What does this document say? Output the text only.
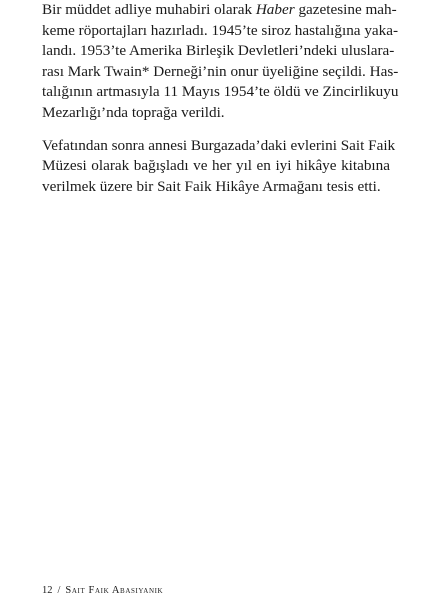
Bir müddet adliye muhabiri olarak Haber gazetesine mah-
keme röportajları hazırladı. 1945’te siroz hastalığına yaka-
landı. 1953’te Amerika Birleşik Devletleri’ndeki uluslara-
rası Mark Twain* Derneği’nin onur üyeliğine seçildi. Has-
talığının artmasıyla 11 Mayıs 1954’te öldü ve Zincirlikuyu
Mezarlığı’nda toprağa verildi.
Vefatından sonra annesi Burgazada’daki evlerini Sait Faik
Müzesi olarak bağışladı ve her yıl en iyi hikâye kitabına
verilmek üzere bir Sait Faik Hikâye Armağanı tesis etti.
12 / Sait Faik Abasıyanık
